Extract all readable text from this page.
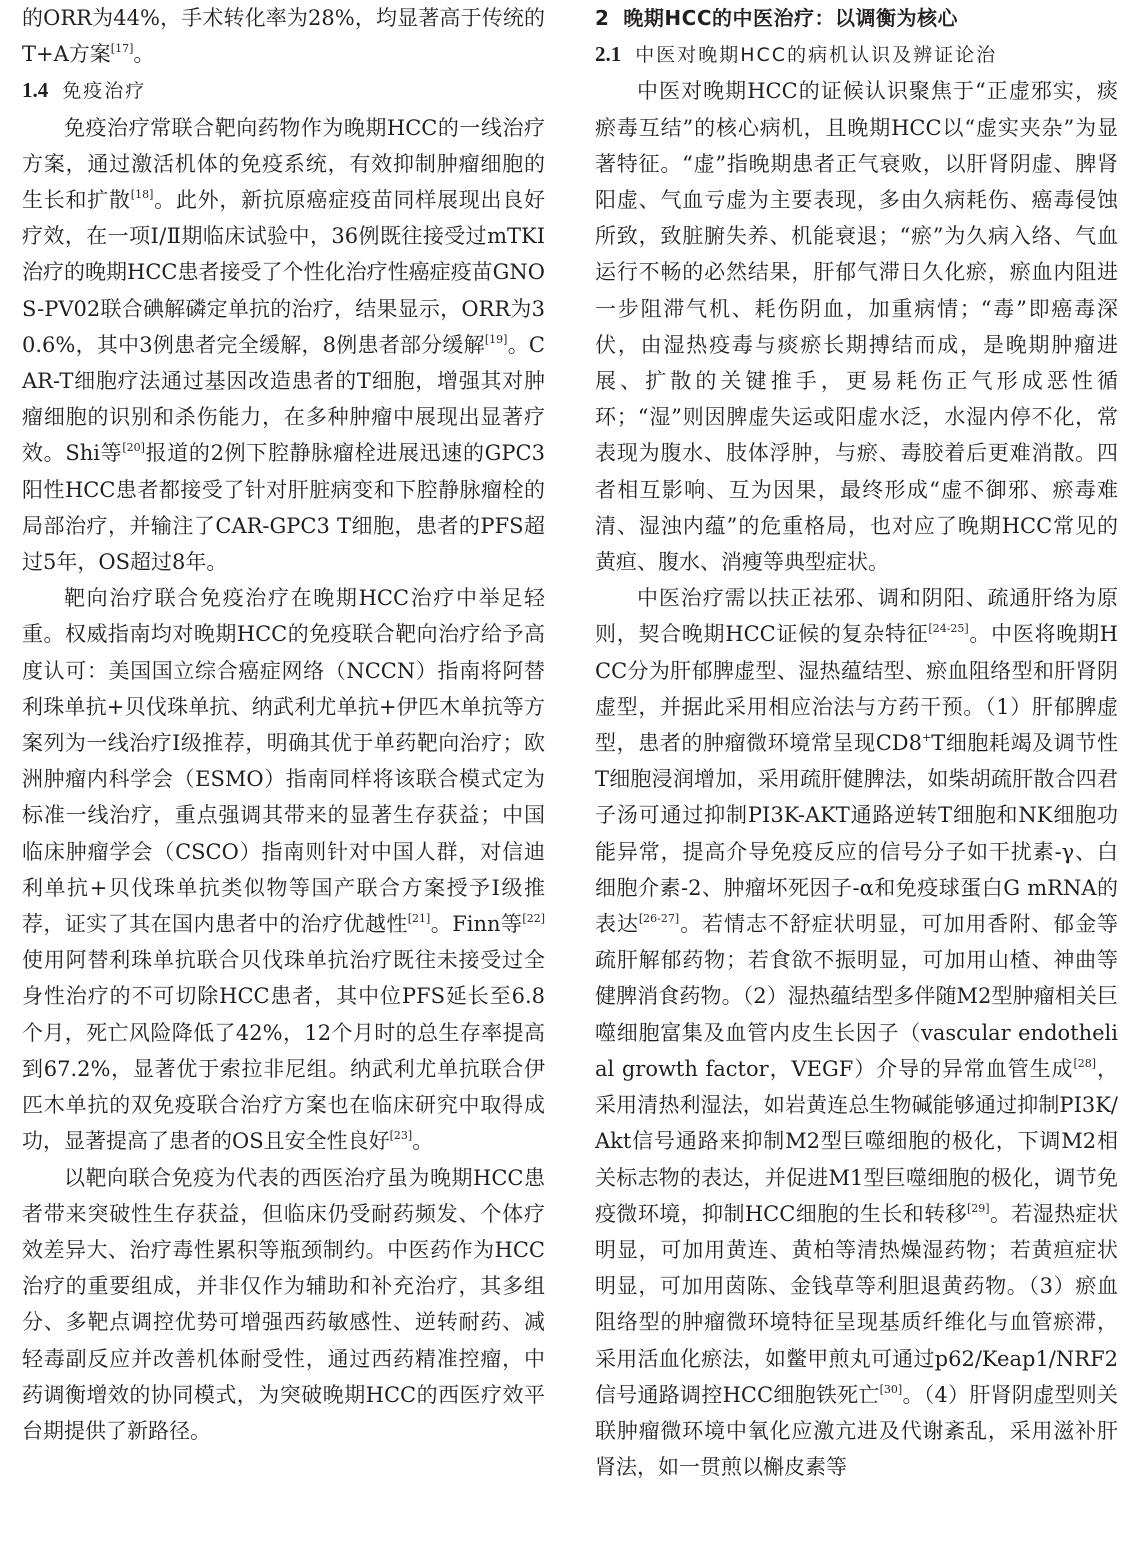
的ORR为44%，手术转化率为28%，均显著高于传统的T+A方案[17]。

1.4 免疫治疗

免疫治疗常联合靶向药物作为晚期HCC的一线治疗方案，通过激活机体的免疫系统，有效抑制肿瘤细胞的生长和扩散[18]。此外，新抗原癌症疫苗同样展现出良好疗效，在一项Ⅰ/Ⅱ期临床试验中，36例既往接受过mTKI治疗的晚期HCC患者接受了个性化治疗性癌症疫苗GNOS-PV02联合碘解磷定单抗的治疗，结果显示，ORR为30.6%，其中3例患者完全缓解，8例患者部分缓解[19]。CAR-T细胞疗法通过基因改造患者的T细胞，增强其对肿瘤细胞的识别和杀伤能力，在多种肿瘤中展现出显著疗效。Shi等[20]报道的2例下腔静脉瘤栓进展迅速的GPC3阳性HCC患者都接受了针对肝脏病变和下腔静脉瘤栓的局部治疗，并输注了CAR-GPC3 T细胞，患者的PFS超过5年，OS超过8年。

靶向治疗联合免疫治疗在晚期HCC治疗中举足轻重。权威指南均对晚期HCC的免疫联合靶向治疗给予高度认可：美国国立综合癌症网络（NCCN）指南将阿替利珠单抗+贝伐珠单抗、纳武利尤单抗+伊匹木单抗等方案列为一线治疗Ⅰ级推荐，明确其优于单药靶向治疗；欧洲肿瘤内科学会（ESMO）指南同样将该联合模式定为标准一线治疗，重点强调其带来的显著生存获益；中国临床肿瘤学会（CSCO）指南则针对中国人群，对信迪利单抗+贝伐珠单抗类似物等国产联合方案授予Ⅰ级推荐，证实了其在国内患者中的治疗优越性[21]。Finn等[22]使用阿替利珠单抗联合贝伐珠单抗治疗既往未接受过全身性治疗的不可切除HCC患者，其中位PFS延长至6.8个月，死亡风险降低了42%，12个月时的总生存率提高到67.2%，显著优于索拉非尼组。纳武利尤单抗联合伊匹木单抗的双免疫联合治疗方案也在临床研究中取得成功，显著提高了患者的OS且安全性良好[23]。

以靶向联合免疫为代表的西医治疗虽为晚期HCC患者带来突破性生存获益，但临床仍受耐药频发、个体疗效差异大、治疗毒性累积等瓶颈制约。中医药作为HCC治疗的重要组成，并非仅作为辅助和补充治疗，其多组分、多靶点调控优势可增强西药敏感性、逆转耐药、减轻毒副反应并改善机体耐受性，通过西药精准控瘤，中药调衡增效的协同模式，为突破晚期HCC的西医疗效平台期提供了新路径。

2 晚期HCC的中医治疗：以调衡为核心
2.1 中医对晚期HCC的病机认识及辨证论治

中医对晚期HCC的证候认识聚焦于“正虚邪实，痰瘀毒互结”的核心病机，且晚期HCC以“虚实夹杂”为显著特征。“虚”指晚期患者正气衰败，以肝肾阴虚、脾肾阳虚、气血亏虚为主要表现，多由久病耗伤、癌毒侵蚀所致，致脏腑失养、机能衰退；“瘀”为久病入络、气血运行不畅的必然结果，肝郁气滞日久化瘀，瘀血内阻进一步阻滞气机、耗伤阴血，加重病情；“毒”即癌毒深伏，由湿热疫毒与痰瘀长期搏结而成，是晚期肿瘤进展、扩散的关键推手，更易耗伤正气形成恶性循环；“湿”则因脾虚失运或阳虚水泛，水湿内停不化，常表现为腹水、肢体浮肿，与瘀、毒胶着后更难消散。四者相互影响、互为因果，最终形成“虚不御邪、瘀毒难清、湿浊内蕴”的危重格局，也对应了晚期HCC常见的黄疸、腹水、消瘦等典型症状。

中医治疗需以扶正祛邪、调和阴阳、疏通肝络为原则，契合晚期HCC证候的复杂特征[24-25]。中医将晚期HCC分为肝郁脾虚型、湿热蕴结型、瘀血阻络型和肝肾阴虚型，并据此采用相应治法与方药干预。（1）肝郁脾虚型，患者的肿瘤微环境常呈现CD8+T细胞耗竭及调节性T细胞浸润增加，采用疏肝健脾法，如柴胡疏肝散合四君子汤可通过抑制PI3K-AKT通路逆转T细胞和NK细胞功能异常，提高介导免疫反应的信号分子如干扰素-γ、白细胞介素-2、肿瘤坏死因子-α和免疫球蛋白G mRNA的表达[26-27]。若情志不舒症状明显，可加用香附、郁金等疏肝解郁药物；若食欲不振明显，可加用山楂、神曲等健脾消食药物。（2）湿热蕴结型多伴随M2型肿瘤相关巨噬细胞富集及血管内皮生长因子（vascular endothelial growth factor，VEGF）介导的异常血管生成[28]，采用清热利湿法，如岩黄连总生物碱能够通过抑制PI3K/Akt信号通路来抑制M2型巨噬细胞的极化，下调M2相关标志物的表达，并促进M1型巨噬细胞的极化，调节免疫微环境，抑制HCC细胞的生长和转移[29]。若湿热症状明显，可加用黄连、黄柏等清热燥湿药物；若黄疸症状明显，可加用茵陈、金钱草等利胆退黄药物。（3）瘀血阻络型的肿瘤微环境特征呈现基质纤维化与血管瘀滞，采用活血化瘀法，如鳖甲煎丸可通过p62/Keap1/NRF2信号通路调控HCC细胞铁死亡[30]。（4）肝肾阴虚型则关联肿瘤微环境中氧化应激亢进及代谢紊乱，采用滋补肝肾法，如一贯煎以槲皮素等
